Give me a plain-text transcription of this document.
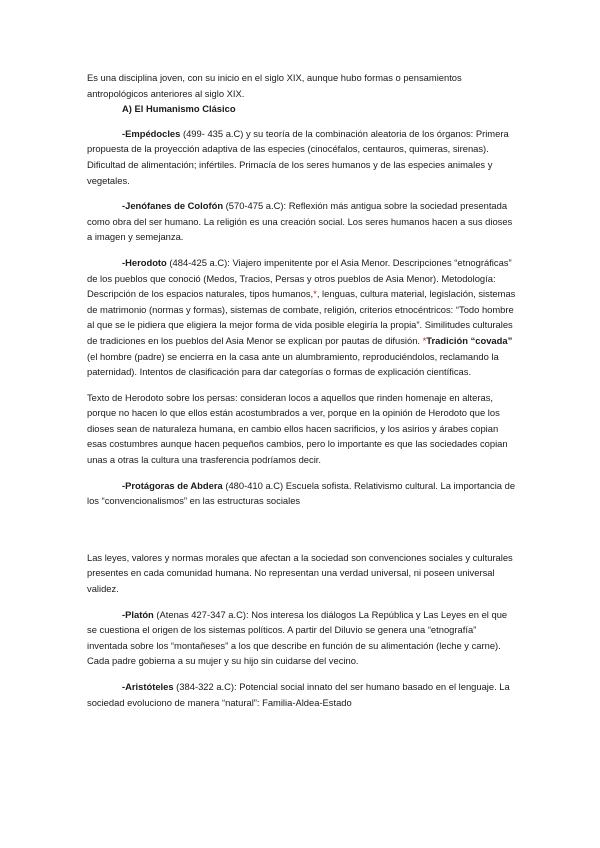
Es una disciplina joven, con su inicio en el siglo XIX, aunque hubo formas o pensamientos antropológicos anteriores al siglo XIX.

A) El Humanismo Clásico

-Empédocles (499- 435 a.C) y su teoría de la combinación aleatoria de los órganos: Primera propuesta de la proyección adaptiva de las especies (cinocéfalos, centauros, quimeras, sirenas). Dificultad de alimentación; infértiles. Primacía de los seres humanos y de las especies animales y vegetales.

-Jenófanes de Colofón (570-475 a.C): Reflexión más antigua sobre la sociedad presentada como obra del ser humano. La religión es una creación social. Los seres humanos hacen a sus dioses a imagen y semejanza.

-Herodoto (484-425 a.C): Viajero impenitente por el Asia Menor. Descripciones “etnográficas” de los pueblos que conoció (Medos, Tracios, Persas y otros pueblos de Asia Menor). Metodología: Descripción de los espacios naturales, tipos humanos,*, lenguas, cultura material, legislación, sistemas de matrimonio (normas y formas), sistemas de combate, religión, criterios etnocéntricos: “Todo hombre al que se le pidiera que eligiera la mejor forma de vida posible elegiría la propia”. Similitudes culturales de tradiciones en los pueblos del Asia Menor se explican por pautas de difusión. *Tradición “covada” (el hombre (padre) se encierra en la casa ante un alumbramiento, reproduciéndolos, reclamando la paternidad). Intentos de clasificación para dar categorías o formas de explicación científicas.

Texto de Herodoto sobre los persas: consideran locos a aquellos que rinden homenaje en alteras, porque no hacen lo que ellos están acostumbrados a ver, porque en la opinión de Herodoto que los dioses sean de naturaleza humana, en cambio ellos hacen sacrificios, y los asirios y árabes copian esas costumbres aunque hacen pequeños cambios, pero lo importante es que las sociedades copian unas a otras la cultura una trasferencia podríamos decir.

-Protágoras de Abdera (480-410 a.C) Escuela sofista. Relativismo cultural. La importancia de los “convencionalismos” en las estructuras sociales

Las leyes, valores y normas morales que afectan a la sociedad son convenciones sociales y culturales presentes en cada comunidad humana. No representan una verdad universal, ni poseen universal validez.

-Platón (Atenas 427-347 a.C): Nos interesa los diálogos La República y Las Leyes en el que se cuestiona el origen de los sistemas políticos. A partir del Diluvio se genera una “etnografía” inventada sobre los “montañeses” a los que describe en función de su alimentación (leche y carne). Cada padre gobierna a su mujer y su hijo sin cuidarse del vecino.

-Aristóteles (384-322 a.C): Potencial social innato del ser humano basado en el lenguaje. La sociedad evoluciono de manera “natural”: Familia-Aldea-Estado
